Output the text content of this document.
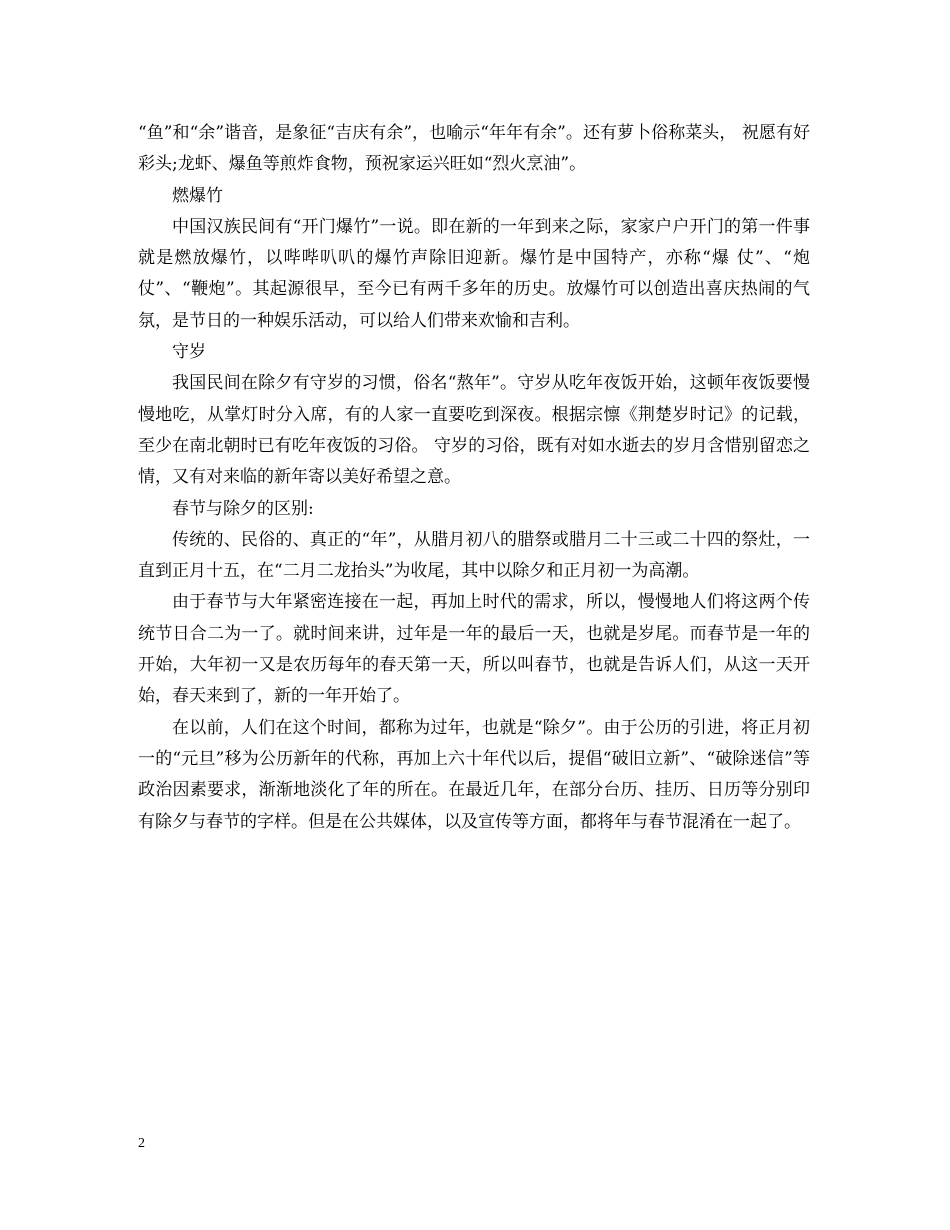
“鱼”和“余”谐音，是象征“吉庆有余”，也喻示“年年有余”。还有萝卜俗称菜头， 祝愿有好彩头;龙虾、爆鱼等煎炸食物，预祝家运兴旺如“烈火烹油”。

燃爆竹

中国汉族民间有“开门爆竹”一说。即在新的一年到来之际，家家户户开门的第一件事就是燃放爆竹，以哔哔叭叭的爆竹声除旧迎新。爆竹是中国特产，亦称“爆 仗”、“炮仗”、“鞭炮”。其起源很早，至今已有两千多年的历史。放爆竹可以创造出喜庆热闹的气氛，是节日的一种娱乐活动，可以给人们带来欢愉和吉利。

守岁

我国民间在除夕有守岁的习惯，俗名“熬年”。守岁从吃年夜饭开始，这顿年夜饭要慢慢地吃，从掌灯时分入席，有的人家一直要吃到深夜。根据宗懔《荆楚岁时记》的记载，至少在南北朝时已有吃年夜饭的习俗。 守岁的习俗，既有对如水逝去的岁月含惜别留恋之情，又有对来临的新年寄以美好希望之意。

春节与除夕的区别:

传统的、民俗的、真正的“年”，从腊月初八的腊祭或腊月二十三或二十四的祭灶，一直到正月十五，在“二月二龙抬头”为收尾，其中以除夕和正月初一为高潮。

由于春节与大年紧密连接在一起，再加上时代的需求，所以，慢慢地人们将这两个传统节日合二为一了。就时间来讲，过年是一年的最后一天，也就是岁尾。而春节是一年的开始，大年初一又是农历每年的春天第一天，所以叫春节，也就是告诉人们，从这一天开始，春天来到了，新的一年开始了。

在以前，人们在这个时间，都称为过年，也就是“除夕”。由于公历的引进，将正月初一的“元旦”移为公历新年的代称，再加上六十年代以后，提倡“破旧立新”、“破除迷信”等政治因素要求，渐渐地淡化了年的所在。在最近几年，在部分台历、挂历、日历等分别印有除夕与春节的字样。但是在公共媒体，以及宣传等方面，都将年与春节混淆在一起了。

2
